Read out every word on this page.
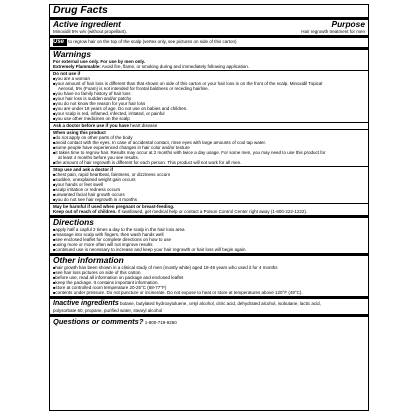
Drug Facts
Active ingredient	Purpose
Minoxidil 5% w/v (without propellant).	Hair regrowth treatment for men
Use to regrow hair on the top of the scalp (vertex only, see pictures on side of this carton)
Warnings
For external use only. For use by men only.
Extremely Flammable: Avoid fire, flame, or smoking during and immediately following application.
Do not use if
■ you are a woman
■ your amount of hair loss is different than that shown on side of this carton or your hair loss is on the front of the scalp. Minoxidil Topical
Aerosol, 5% (Foam) is not intended for frontal baldness or receding hairline.
■ you have no family history of hair loss
■ your hair loss is sudden and/or patchy
■ you do not know the reason for your hair loss
■ you are under 18 years of age. Do not use on babies and children.
■ your scalp is red, inflamed, infected, irritated, or painful
■ you use other medicines on the scalp
Ask a doctor before use if you have heart disease
When using this product
■ do not apply on other parts of the body
■ avoid contact with the eyes. In case of accidental contact, rinse eyes with large amounts of cool tap water.
■ some people have experienced changes in hair color and/or texture
■ it takes time to regrow hair. Results may occur at 2 months with twice a day usage. For some men, you may need to use this product for
at least 4 months before you see results.
■ the amount of hair regrowth is different for each person. This product will not work for all men.
Stop use and ask a doctor if
■ chest pain, rapid heartbeat, faintness, or dizziness occurs
■ sudden, unexplained weight gain occurs
■ your hands or feet swell
■ scalp irritation or redness occurs
■ unwanted facial hair growth occurs
■ you do not see hair regrowth in 4 months
May be harmful if used when pregnant or breast-feeding.
Keep out of reach of children. If swallowed, get medical help or contact a Poison Control Center right away (1-800-222-1222).
Directions
■ apply half a capful 2 times a day to the scalp in the hair loss area
■ massage into scalp with fingers, then wash hands well
■ see enclosed leaflet for complete directions on how to use
■ using more or more often will not improve results
■ continued use is necessary to increase and keep your hair regrowth or hair loss will begin again
Other information
■ hair growth has been shown in a clinical study of men (mostly white) aged 18-49 years who used it for 4 months
■ see hair loss pictures on side of this carton
■ before use, read all information on package and enclosed leaflet
■ keep the package. It contains important information.
■ store at controlled room temperature 20-25°C (68-77°F)
■ contents under pressure. Do not puncture or incinerate. Do not expose to heat or store at temperatures above 120°F (49°C).
Inactive ingredients butane, butylated hydroxytoluene, cetyl alcohol, citric acid, dehydrated alcohol, isobutane, lactic acid,
polysorbate 60, propane, purified water, stearyl alcohol
Questions or comments? 1-800-719-9260
